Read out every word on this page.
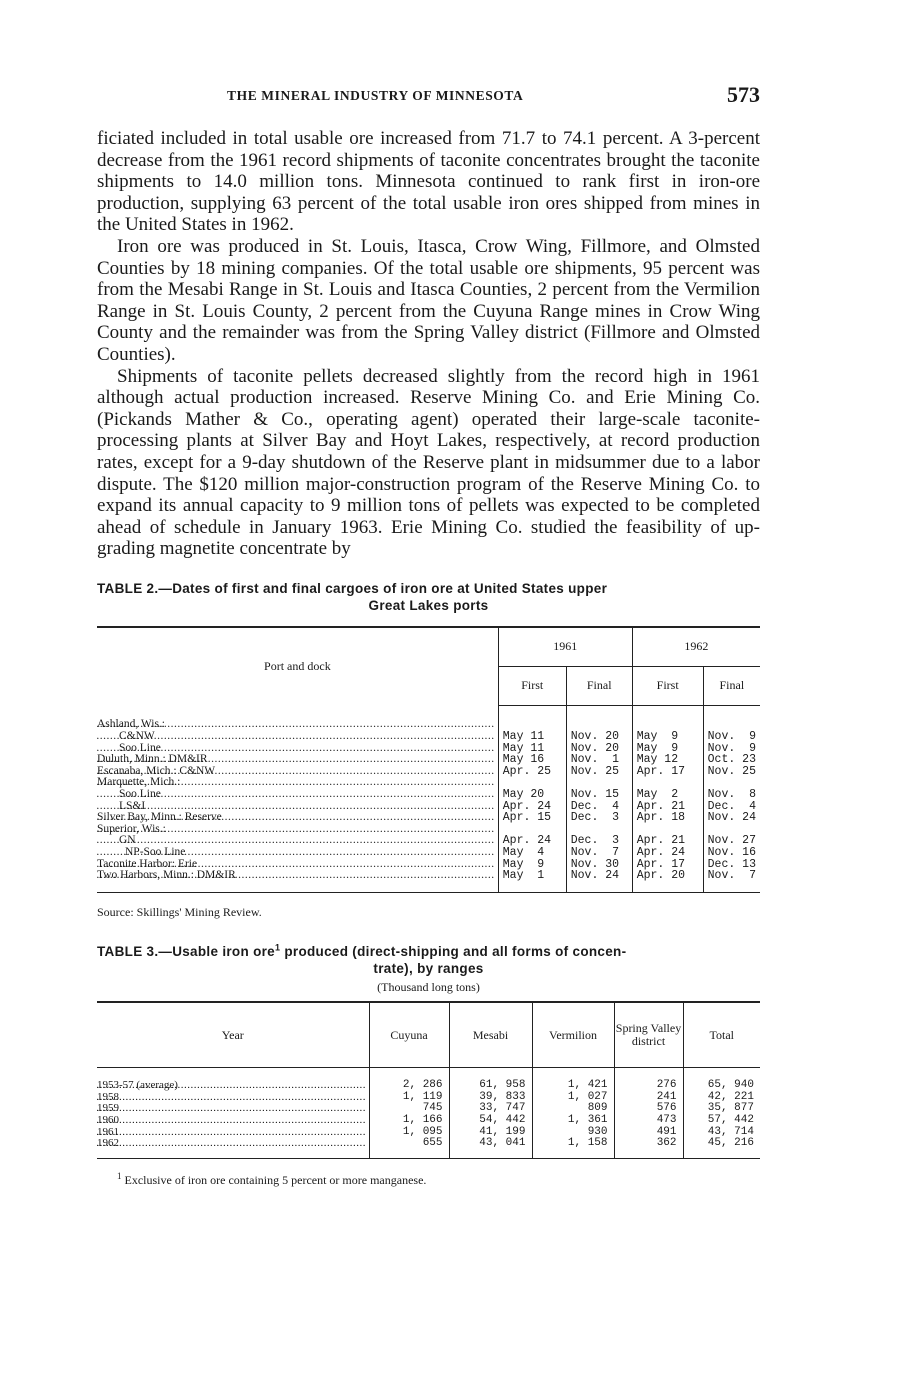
THE MINERAL INDUSTRY OF MINNESOTA	573

ficiated included in total usable ore increased from 71.7 to 74.1 percent. A 3-percent decrease from the 1961 record shipments of taconite concentrates brought the taconite shipments to 14.0 million tons. Minnesota continued to rank first in iron-ore production, supplying 63 percent of the total usable iron ores shipped from mines in the United States in 1962.

Iron ore was produced in St. Louis, Itasca, Crow Wing, Fillmore, and Olmsted Counties by 18 mining companies. Of the total usable ore shipments, 95 percent was from the Mesabi Range in St. Louis and Itasca Counties, 2 percent from the Vermilion Range in St. Louis County, 2 percent from the Cuyuna Range mines in Crow Wing County and the remainder was from the Spring Valley district (Fillmore and Olmsted Counties).

Shipments of taconite pellets decreased slightly from the record high in 1961 although actual production increased. Reserve Mining Co. and Erie Mining Co. (Pickands Mather & Co., operating agent) operated their large-scale taconite-processing plants at Silver Bay and Hoyt Lakes, respectively, at record production rates, except for a 9-day shutdown of the Reserve plant in midsummer due to a labor dispute. The $120 million major-construction program of the Reserve Mining Co. to expand its annual capacity to 9 million tons of pellets was expected to be completed ahead of schedule in January 1963. Erie Mining Co. studied the feasibility of up-grading magnetite concentrate by

TABLE 2.—Dates of first and final cargoes of iron ore at United States upper
Great Lakes ports
Port and dock	1961		1962	
	First	Final	First	Final
Ashland, Wis.: .....				
C&NW
.....	May 11	Nov. 20	May  9	Nov.  9
Soo Line
.....	May 11	Nov. 20	May  9	Nov.  9
Duluth, Minn.: DM&IR
.....	May 16	Nov.  1	May 12	Oct. 23
Escanaba, Mich.: C&NW
.....	Apr. 25	Nov. 25	Apr. 17	Nov. 25
Marquette, Mich.: .....				
Soo Line
.....	May 20	Nov. 15	May  2	Nov.  8
LS&I
.....	Apr. 24	Dec.  4	Apr. 21	Dec.  4
Silver Bay, Minn.: Reserve
.....	Apr. 15	Dec.  3	Apr. 18	Nov. 24
Superior, Wis.: .....				
GN
.....	Apr. 24	Dec.  3	Apr. 21	Nov. 27
NP-Soo Line
.....	May  4	Nov.  7	Apr. 24	Nov. 16
Taconite Harbor: Erie
.....	May  9	Nov. 30	Apr. 17	Dec. 13
Two Harbors, Minn.: DM&IR
.....	May  1	Nov. 24	Apr. 20	Nov.  7
Source: Skillings' Mining Review.
TABLE 3.—Usable iron ore$^1$ produced (direct-shipping and all forms of concen-
trate), by ranges
(Thousand long tons)
Year	Cuyuna	Mesabi	Vermilion	Spring Valley district	Total
1953-57 (average)
.....	2, 286	61, 958	1, 421	276	65, 940
1958
.....	1, 119	39, 833	1, 027	241	42, 221
1959
.....	745	33, 747	809	576	35, 877
1960
.....	1, 166	54, 442	1, 361	473	57, 442
1961
.....	1, 095	41, 199	930	491	43, 714
1962
.....	655	43, 041	1, 158	362	45, 216
$^1$ Exclusive of iron ore containing 5 percent or more manganese.
